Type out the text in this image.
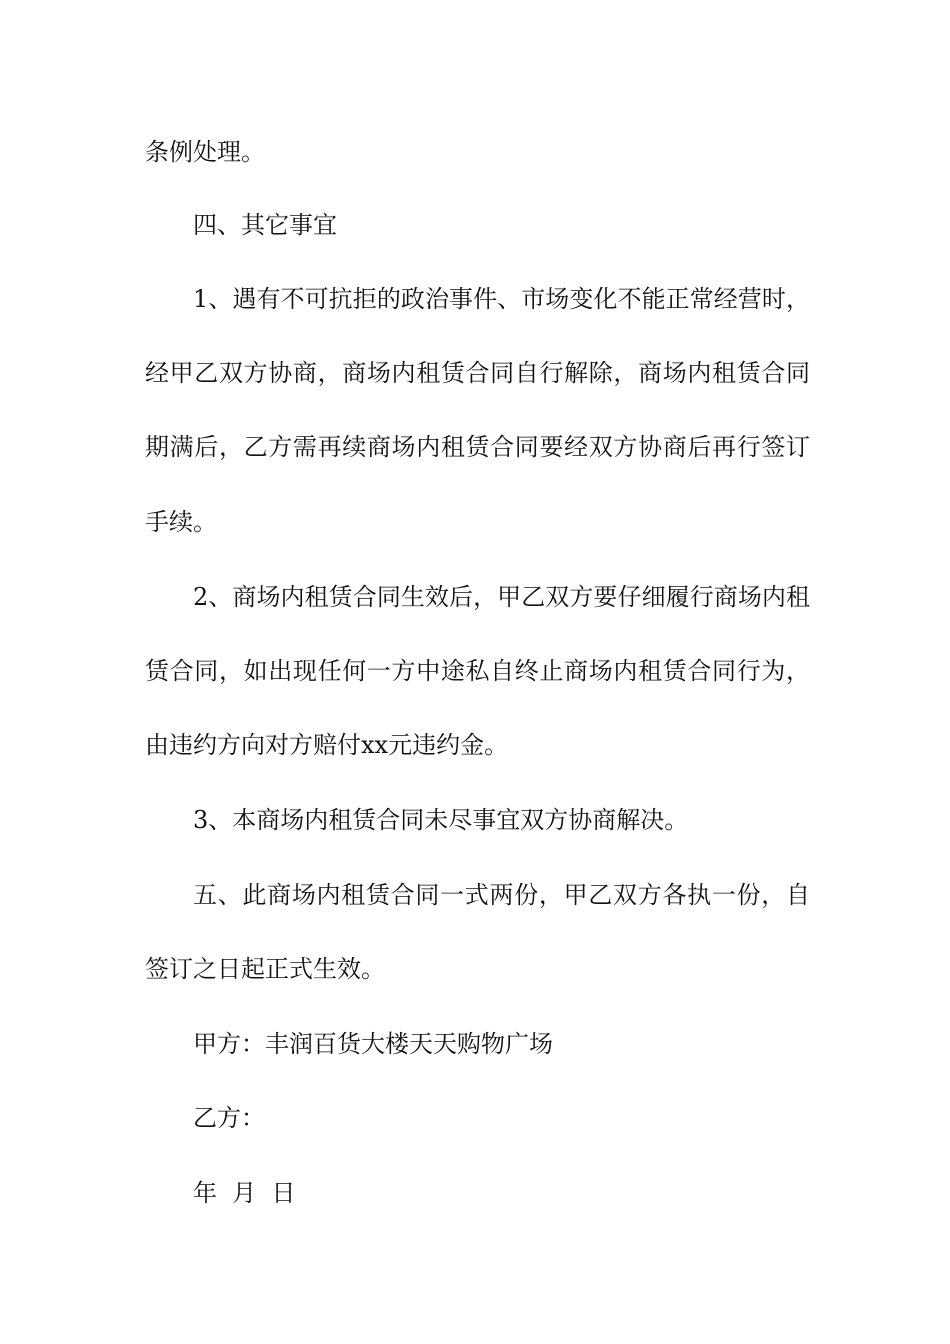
条例处理。
四、其它事宜
1、遇有不可抗拒的政治事件、市场变化不能正常经营时，
经甲乙双方协商，商场内租赁合同自行解除，商场内租赁合同
期满后，乙方需再续商场内租赁合同要经双方协商后再行签订
手续。
2、商场内租赁合同生效后，甲乙双方要仔细履行商场内租
赁合同，如出现任何一方中途私自终止商场内租赁合同行为，
由违约方向对方赔付xx元违约金。
3、本商场内租赁合同未尽事宜双方协商解决。
五、此商场内租赁合同一式两份，甲乙双方各执一份，自
签订之日起正式生效。
甲方：丰润百货大楼天天购物广场
乙方：
年  月  日
